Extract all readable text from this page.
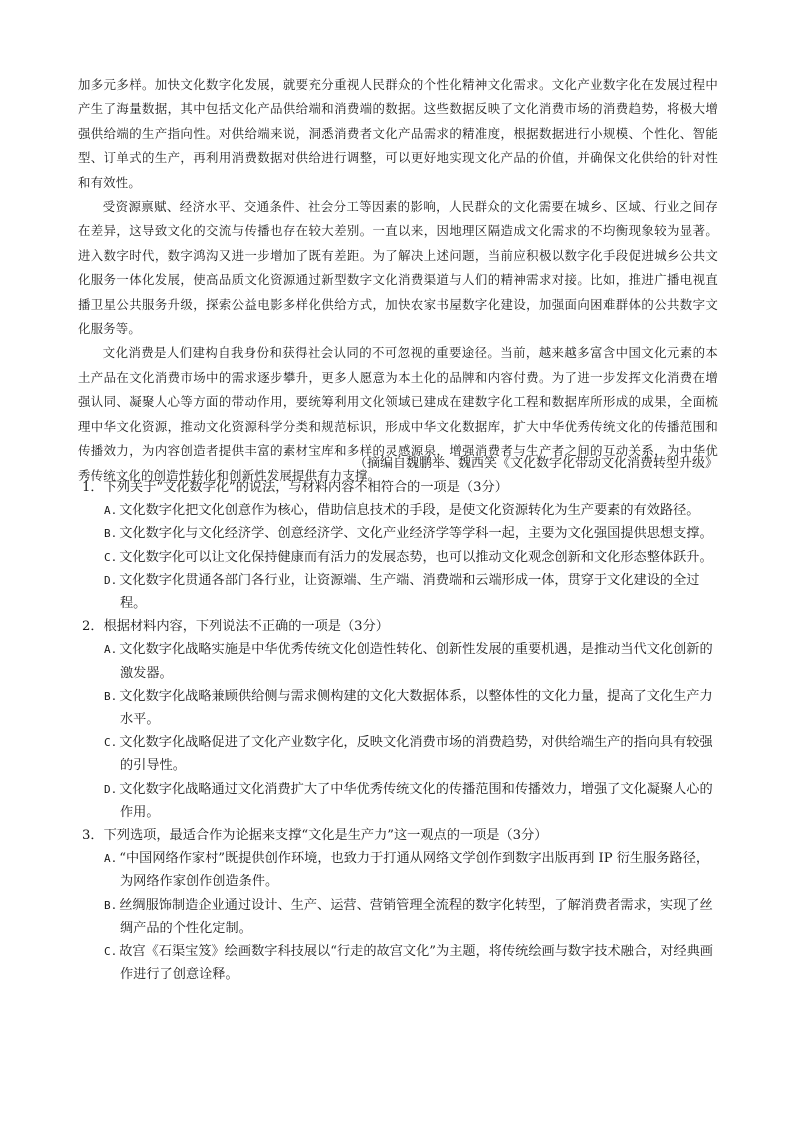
加多元多样。加快文化数字化发展，就要充分重视人民群众的个性化精神文化需求。文化产业数字化在发展过程中产生了海量数据，其中包括文化产品供给端和消费端的数据。这些数据反映了文化消费市场的消费趋势，将极大增强供给端的生产指向性。对供给端来说，洞悉消费者文化产品需求的精准度，根据数据进行小规模、个性化、智能型、订单式的生产，再利用消费数据对供给进行调整，可以更好地实现文化产品的价值，并确保文化供给的针对性和有效性。

受资源禀赋、经济水平、交通条件、社会分工等因素的影响，人民群众的文化需要在城乡、区域、行业之间存在差异，这导致文化的交流与传播也存在较大差别。一直以来，因地理区隔造成文化需求的不均衡现象较为显著。进入数字时代，数字鸿沟又进一步增加了既有差距。为了解决上述问题，当前应积极以数字化手段促进城乡公共文化服务一体化发展，使高品质文化资源通过新型数字文化消费渠道与人们的精神需求对接。比如，推进广播电视直播卫星公共服务升级，探索公益电影多样化供给方式，加快农家书屋数字化建设，加强面向困难群体的公共数字文化服务等。

文化消费是人们建构自我身份和获得社会认同的不可忽视的重要途径。当前，越来越多富含中国文化元素的本土产品在文化消费市场中的需求逐步攀升，更多人愿意为本土化的品牌和内容付费。为了进一步发挥文化消费在增强认同、凝聚人心等方面的带动作用，要统筹利用文化领域已建成在建数字化工程和数据库所形成的成果，全面梳理中华文化资源，推动文化资源科学分类和规范标识，形成中华文化数据库，扩大中华优秀传统文化的传播范围和传播效力，为内容创造者提供丰富的素材宝库和多样的灵感源泉，增强消费者与生产者之间的互动关系，为中华优秀传统文化的创造性转化和创新性发展提供有力支撑。

（摘编自魏鹏举、魏西笑《文化数字化带动文化消费转型升级》

1．下列关于“文化数字化”的说法，与材料内容不相符合的一项是（3分）

A. 文化数字化把文化创意作为核心，借助信息技术的手段，是使文化资源转化为生产要素的有效路径。

B. 文化数字化与文化经济学、创意经济学、文化产业经济学等学科一起，主要为文化强国提供思想支撑。

C. 文化数字化可以让文化保持健康而有活力的发展态势，也可以推动文化观念创新和文化形态整体跃升。

D. 文化数字化贯通各部门各行业，让资源端、生产端、消费端和云端形成一体，贯穿于文化建设的全过程。

2．根据材料内容，下列说法不正确的一项是（3分）

A. 文化数字化战略实施是中华优秀传统文化创造性转化、创新性发展的重要机遇，是推动当代文化创新的激发器。

B. 文化数字化战略兼顾供给侧与需求侧构建的文化大数据体系，以整体性的文化力量，提高了文化生产力水平。

C. 文化数字化战略促进了文化产业数字化，反映文化消费市场的消费趋势，对供给端生产的指向具有较强的引导性。

D. 文化数字化战略通过文化消费扩大了中华优秀传统文化的传播范围和传播效力，增强了文化凝聚人心的作用。

3．下列选项，最适合作为论据来支撑“文化是生产力”这一观点的一项是（3分）

A. “中国网络作家村”既提供创作环境，也致力于打通从网络文学创作到数字出版再到 IP 衍生服务路径，为网络作家创作创造条件。

B. 丝绸服饰制造企业通过设计、生产、运营、营销管理全流程的数字化转型，了解消费者需求，实现了丝绸产品的个性化定制。

C. 故宫《石渠宝笈》绘画数字科技展以“行走的故宫文化”为主题，将传统绘画与数字技术融合，对经典画作进行了创意诠释。
